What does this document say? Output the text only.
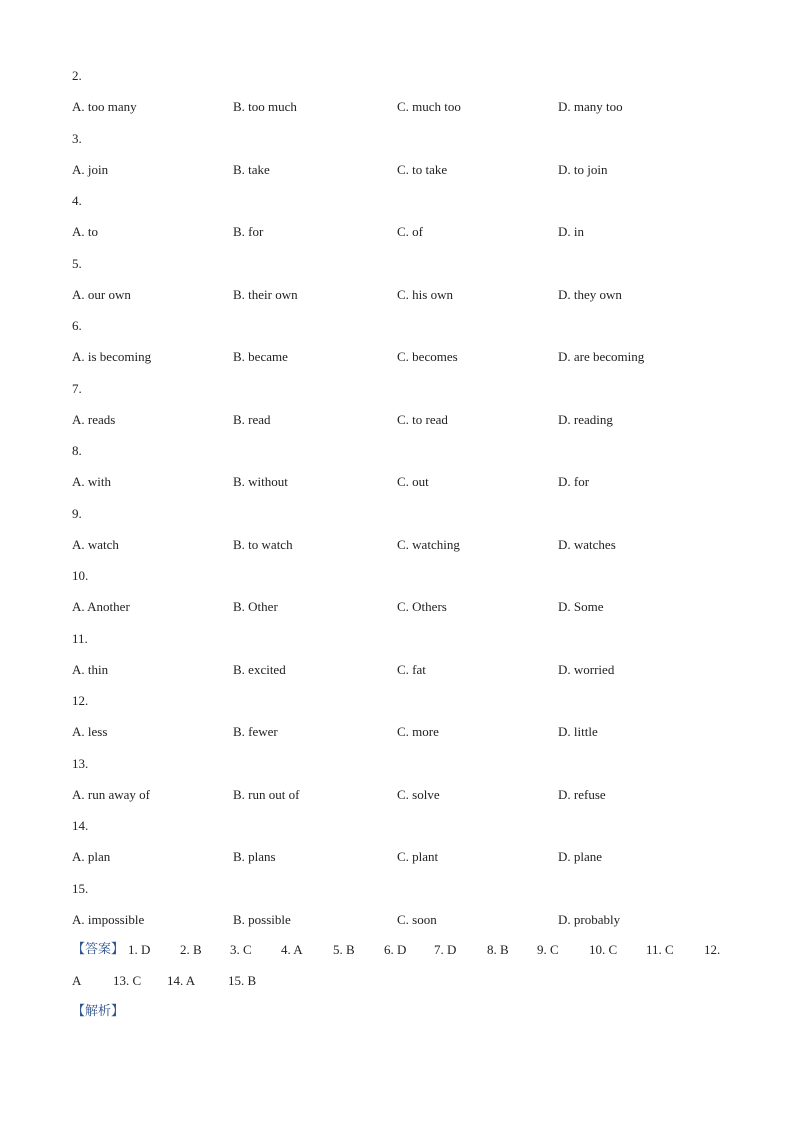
2.
A. too many	B. too much	C. much too	D. many too
3.
A. join	B. take	C. to take	D. to join
4.
A. to	B. for	C. of	D. in
5.
A. our own	B. their own	C. his own	D. they own
6.
A. is becoming	B. became	C. becomes	D. are becoming
7.
A. reads	B. read	C. to read	D. reading
8.
A. with	B. without	C. out	D. for
9.
A. watch	B. to watch	C. watching	D. watches
10.
A. Another	B. Other	C. Others	D. Some
11.
A. thin	B. excited	C. fat	D. worried
12.
A. less	B. fewer	C. more	D. little
13.
A. run away of	B. run out of	C. solve	D. refuse
14.
A. plan	B. plans	C. plant	D. plane
15.
A. impossible	B. possible	C. soon	D. probably
【答案】 1. D 2. B 3. C 4. A 5. B 6. D 7. D 8. B 9. C 10. C 11. C 12.
A 13. C 14. A	15. B
【解析】
